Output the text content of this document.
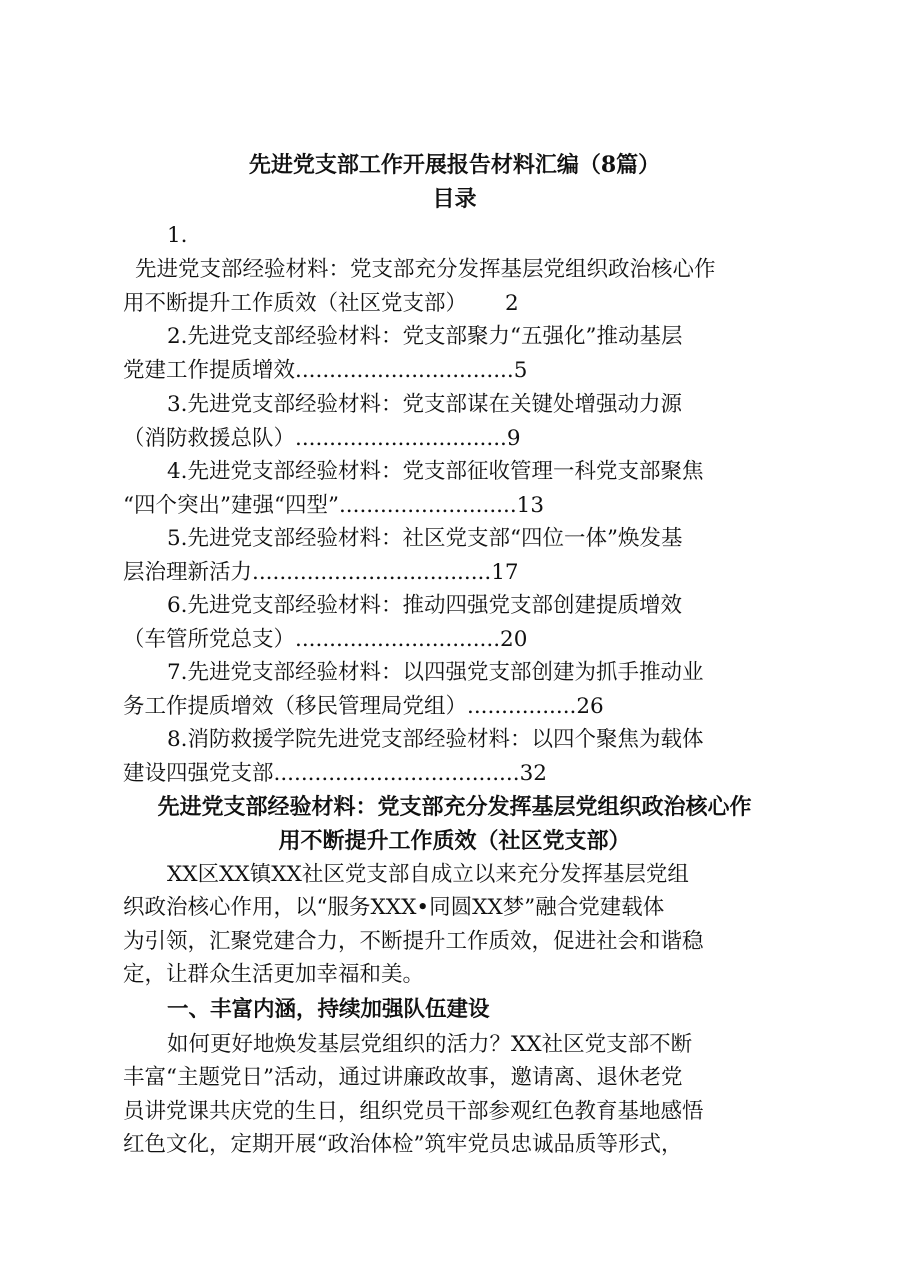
先进党支部工作开展报告材料汇编（8篇）
目录
1.
先进党支部经验材料：党支部充分发挥基层党组织政治核心作
用不断提升工作质效（社区党支部） 2
2.先进党支部经验材料：党支部聚力“五强化”推动基层
党建工作提质增效................................5
3.先进党支部经验材料：党支部谋在关键处增强动力源
（消防救援总队）...............................9
4.先进党支部经验材料：党支部征收管理一科党支部聚焦
“四个突出”建强“四型”..........................13
5.先进党支部经验材料：社区党支部“四位一体”焕发基
层治理新活力...................................17
6.先进党支部经验材料：推动四强党支部创建提质增效
（车管所党总支）..............................20
7.先进党支部经验材料：以四强党支部创建为抓手推动业
务工作提质增效（移民管理局党组）................26
8.消防救援学院先进党支部经验材料：以四个聚焦为载体
建设四强党支部....................................32
先进党支部经验材料：党支部充分发挥基层党组织政治核心作
用不断提升工作质效（社区党支部）
XX区XX镇XX社区党支部自成立以来充分发挥基层党组
织政治核心作用，以“服务XXX•同圆XX梦”融合党建载体
为引领，汇聚党建合力，不断提升工作质效，促进社会和谐稳
定，让群众生活更加幸福和美。
一、丰富内涵，持续加强队伍建设
如何更好地焕发基层党组织的活力？XX社区党支部不断
丰富“主题党日”活动，通过讲廉政故事，邀请离、退休老党
员讲党课共庆党的生日，组织党员干部参观红色教育基地感悟
红色文化，定期开展“政治体检”筑牢党员忠诚品质等形式，
